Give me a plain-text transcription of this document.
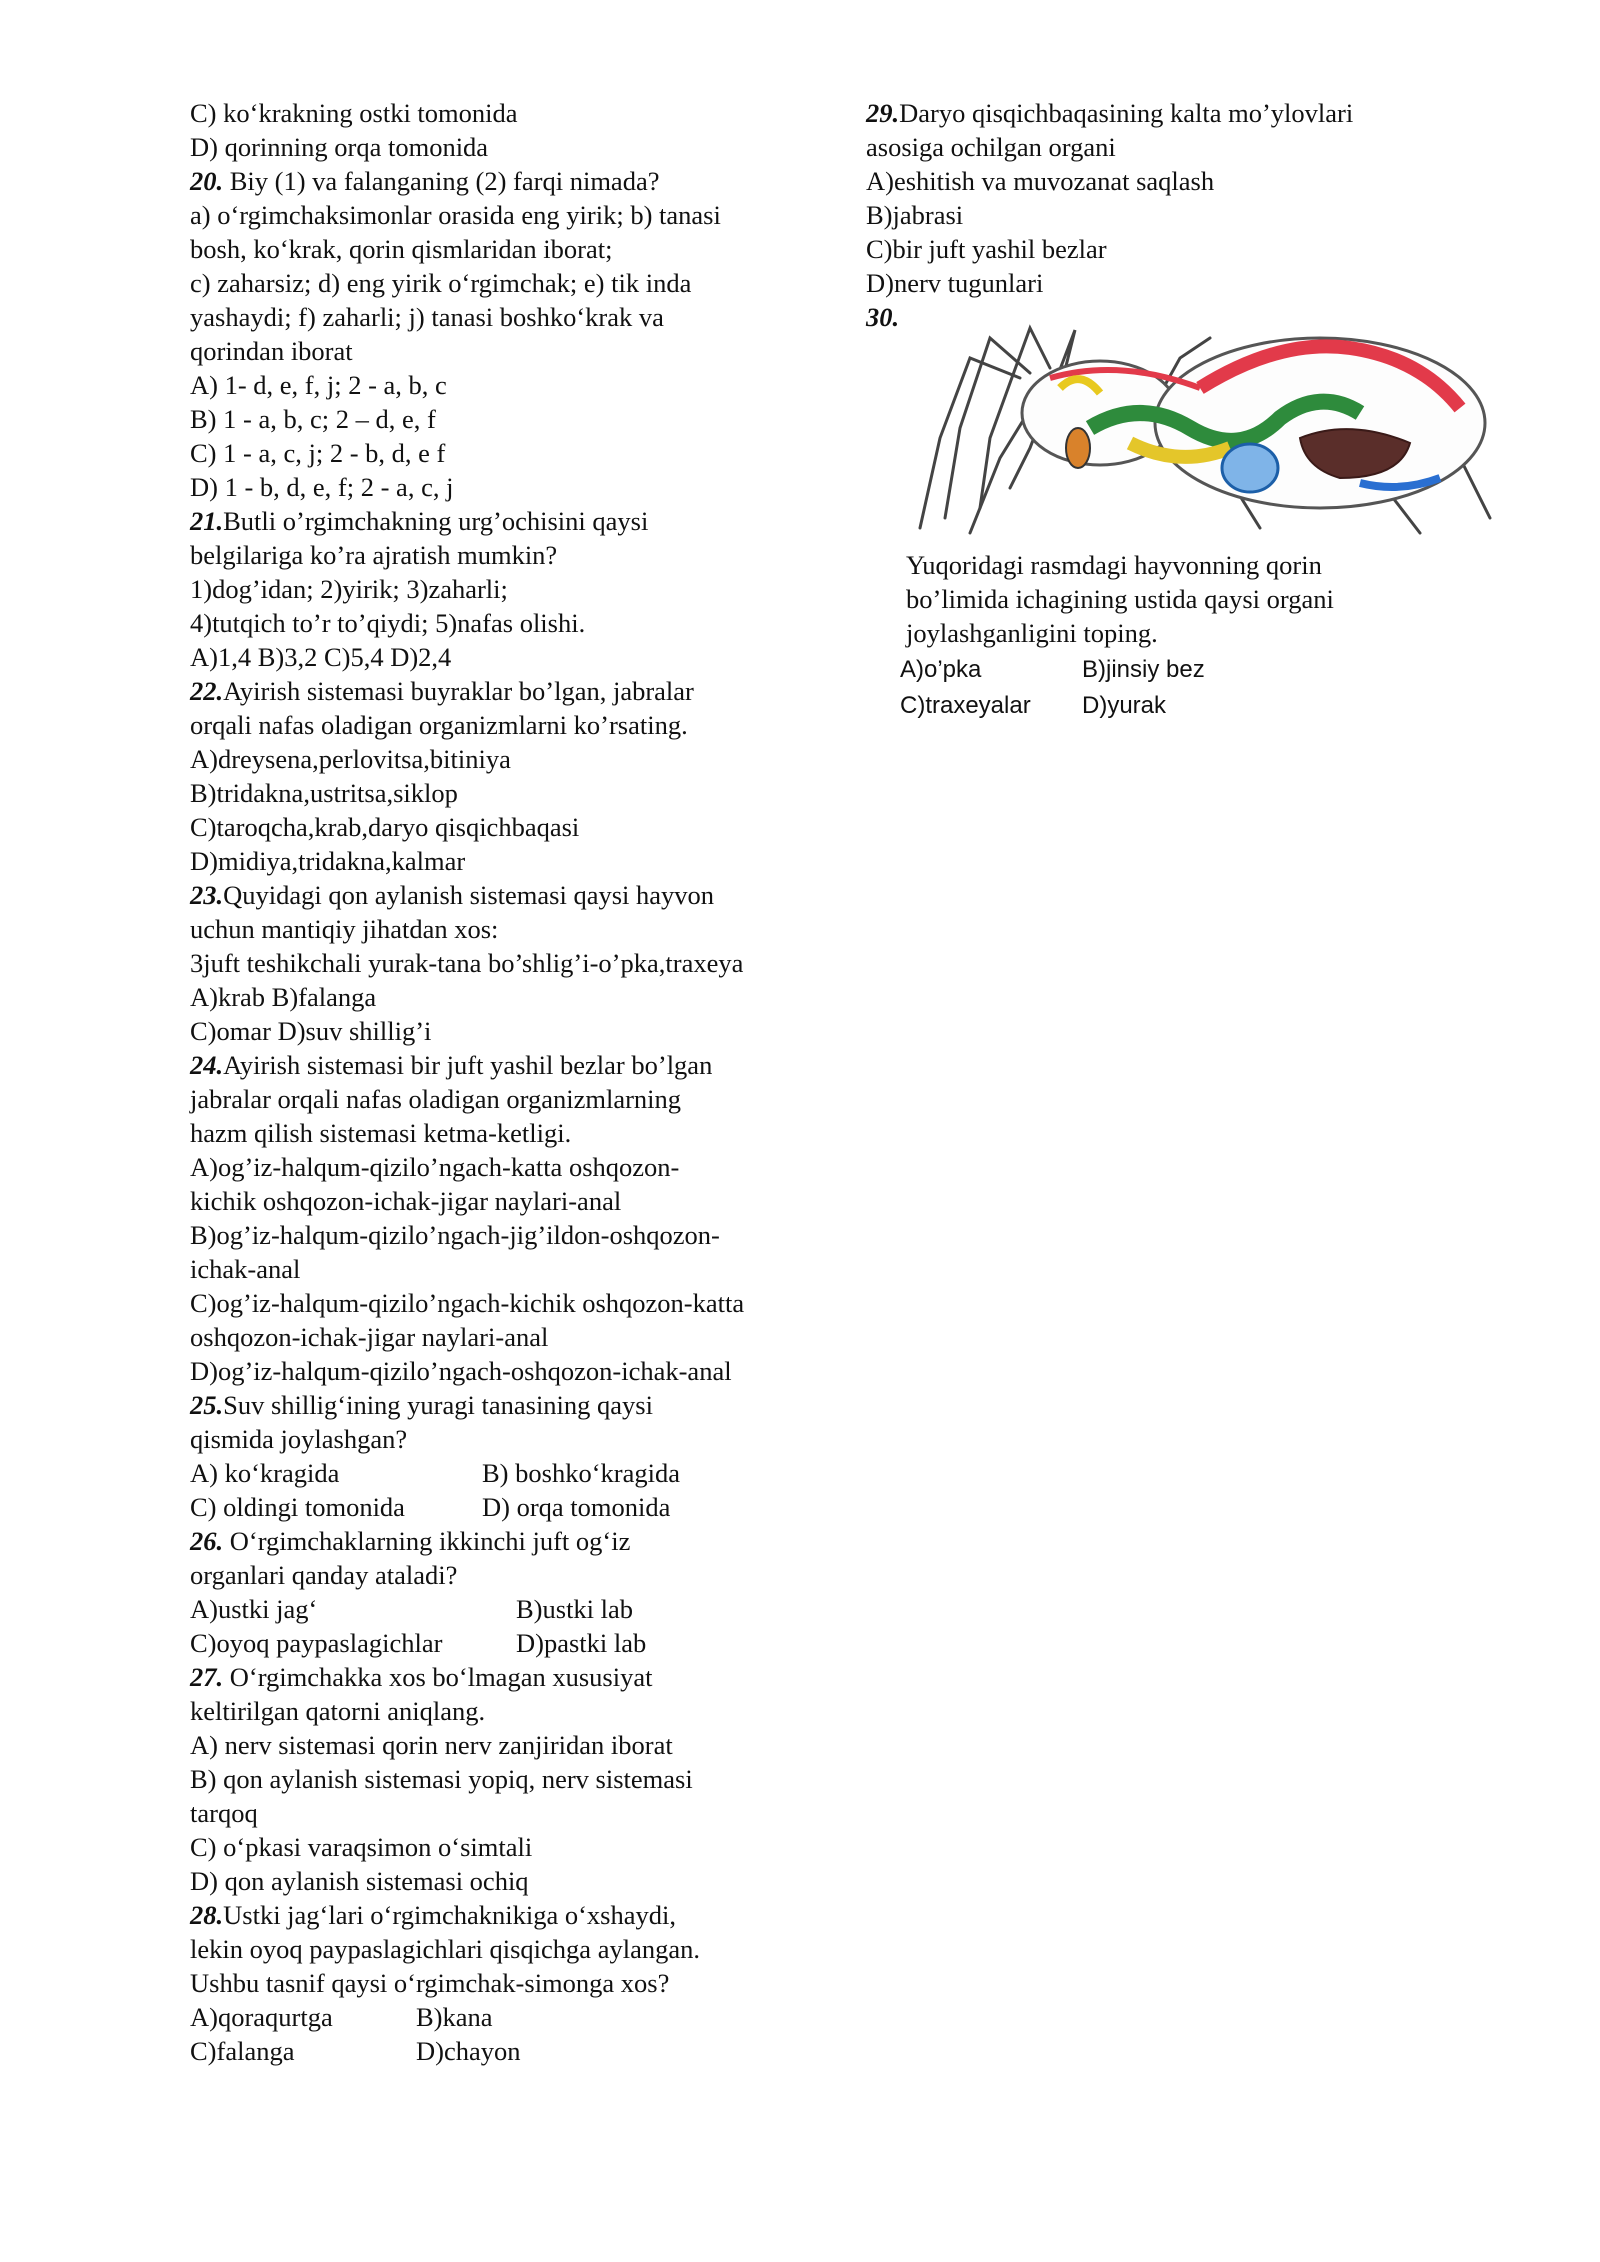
C) koʻkrakning ostki tomonida
D) qorinning orqa tomonida
20. Biy (1) va falanganing (2) farqi nimada?
a) oʻrgimchaksimonlar orasida eng yirik; b) tanasi
bosh, koʻkrak, qorin qismlaridan iborat;
c) zaharsiz; d) eng yirik oʻrgimchak; e) tik inda
yashaydi; f) zaharli; j) tanasi boshkoʻkrak va
qorindan iborat
A) 1- d, e, f, j; 2 - a, b, c
B) 1 - a, b, c; 2 – d, e, f
C) 1 - a, c, j; 2 - b, d, e f
D) 1 - b, d, e, f; 2 - a, c, j
21.Butli o’rgimchakning urg’ochisini qaysi
belgilariga ko’ra ajratish mumkin?
1)dog’idan; 2)yirik; 3)zaharli;
4)tutqich to’r to’qiydi; 5)nafas olishi.
A)1,4 B)3,2 C)5,4 D)2,4
22.Ayirish sistemasi buyraklar bo’lgan, jabralar
orqali nafas oladigan organizmlarni ko’rsating.
A)dreysena,perlovitsa,bitiniya
B)tridakna,ustritsa,siklop
C)taroqcha,krab,daryo qisqichbaqasi
D)midiya,tridakna,kalmar
23.Quyidagi qon aylanish sistemasi qaysi hayvon
uchun mantiqiy jihatdan xos:
3juft teshikchali yurak-tana bo’shlig’i-o’pka,traxeya
A)krab B)falanga
C)omar D)suv shillig’i
24.Ayirish sistemasi bir juft yashil bezlar bo’lgan
jabralar orqali nafas oladigan organizmlarning
hazm qilish sistemasi ketma-ketligi.
A)og’iz-halqum-qizilo’ngach-katta oshqozon-
kichik oshqozon-ichak-jigar naylari-anal
B)og’iz-halqum-qizilo’ngach-jig’ildon-oshqozon-
ichak-anal
C)og’iz-halqum-qizilo’ngach-kichik oshqozon-katta
oshqozon-ichak-jigar naylari-anal
D)og’iz-halqum-qizilo’ngach-oshqozon-ichak-anal
25.Suv shilligʻining yuragi tanasining qaysi
qismida joylashgan?
A) koʻkragida	B) boshkoʻkragida
C) oldingi tomonida	D) orqa tomonida
26. Oʻrgimchaklarning ikkinchi juft ogʻiz
organlari qanday ataladi?
A)ustki jagʻ	B)ustki lab
C)oyoq paypaslagichlar	D)pastki lab
27. Oʻrgimchakka xos boʻlmagan xususiyat
keltirilgan qatorni aniqlang.
A) nerv sistemasi qorin nerv zanjiridan iborat
B) qon aylanish sistemasi yopiq, nerv sistemasi
tarqoq
C) oʻpkasi varaqsimon oʻsimtali
D) qon aylanish sistemasi ochiq
28.Ustki jagʻlari oʻrgimchaknikiga oʻxshaydi,
lekin oyoq paypaslagichlari qisqichga aylangan.
Ushbu tasnif qaysi oʻrgimchak-simonga xos?
A)qoraqurtga	B)kana
C)falanga	D)chayon
29.Daryo qisqichbaqasining kalta mo’ylovlari
asosiga ochilgan organi
A)eshitish va muvozanat saqlash
B)jabrasi
C)bir juft yashil bezlar
D)nerv tugunlari
30.
Yuqoridagi rasmdagi hayvonning qorin
bo’limida ichagining ustida qaysi organi
joylashganligini toping.
A)o’pka	B)jinsiy bez
C)traxeyalar D)yurak
